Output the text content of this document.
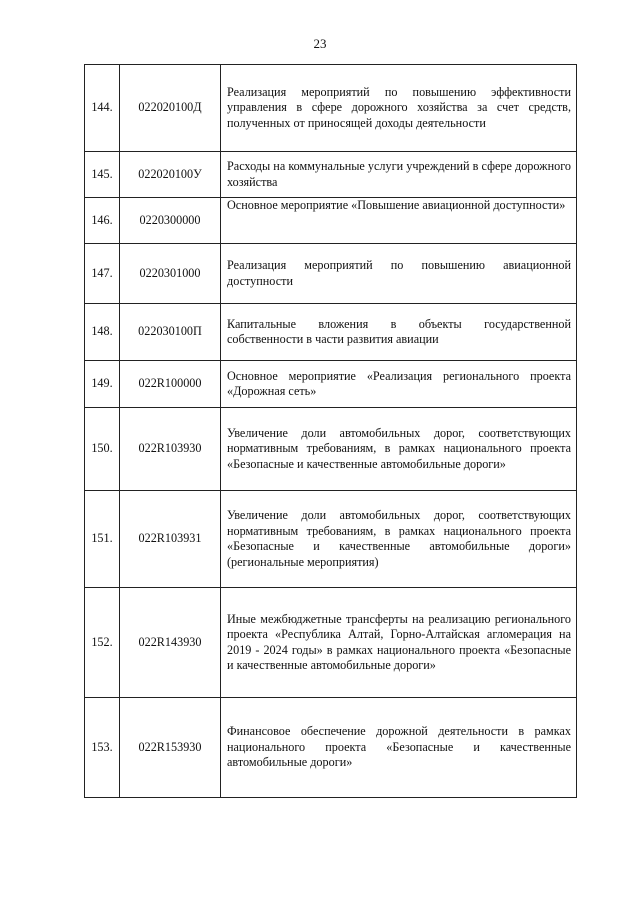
23
144.	022020100Д	Реализация мероприятий по повышению эффективности управления в сфере дорожного хозяйства за счет средств, полученных от приносящей доходы деятельности

145.	022020100У	Расходы на коммунальные услуги учреждений в сфере дорожного хозяйства

146.	0220300000	Основное мероприятие «Повышение авиационной доступности»

147.	0220301000	Реализация мероприятий по повышению авиационной доступности

148.	022030100П	Капитальные вложения в объекты государственной собственности в части развития авиации

149.	022R100000	Основное мероприятие «Реализация регионального проекта «Дорожная сеть»

150.	022R103930	Увеличение доли автомобильных дорог, соответствующих нормативным требованиям, в рамках национального проекта «Безопасные и качественные автомобильные дороги»

151.	022R103931	Увеличение доли автомобильных дорог, соответствующих нормативным требованиям, в рамках национального проекта «Безопасные и качественные автомобильные дороги» (региональные мероприятия)

152.	022R143930	Иные межбюджетные трансферты на реализацию регионального проекта «Республика Алтай, Горно-Алтайская агломерация на 2019 - 2024 годы» в рамках национального проекта «Безопасные и качественные автомобильные дороги»

153.	022R153930	Финансовое обеспечение дорожной деятельности в рамках национального проекта «Безопасные и качественные автомобильные дороги»
